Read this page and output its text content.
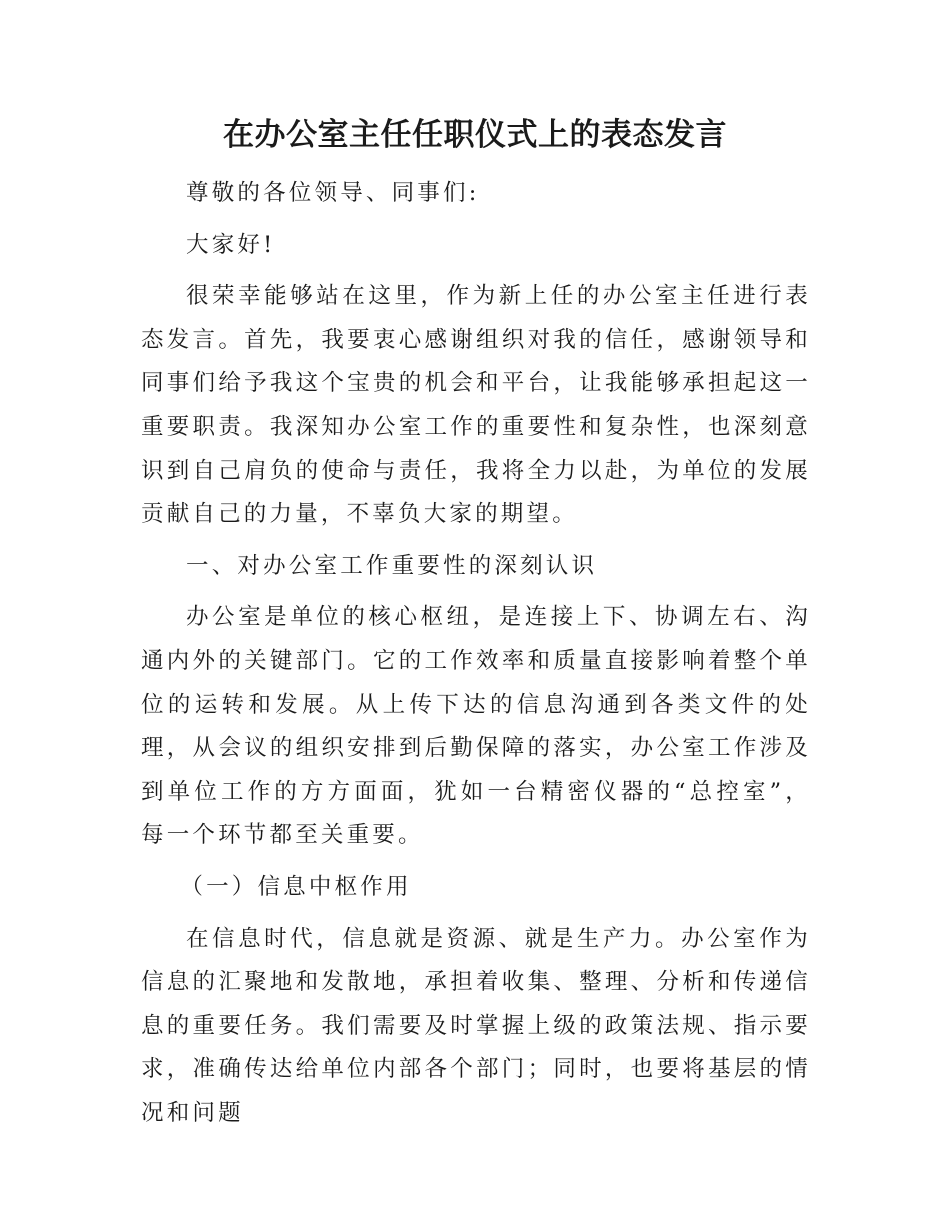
在办公室主任任职仪式上的表态发言

尊敬的各位领导、同事们:

大家好!

很荣幸能够站在这里，作为新上任的办公室主任进行表态发言。首先，我要衷心感谢组织对我的信任，感谢领导和同事们给予我这个宝贵的机会和平台，让我能够承担起这一重要职责。我深知办公室工作的重要性和复杂性，也深刻意识到自己肩负的使命与责任，我将全力以赴，为单位的发展贡献自己的力量，不辜负大家的期望。

一、对办公室工作重要性的深刻认识

办公室是单位的核心枢纽，是连接上下、协调左右、沟通内外的关键部门。它的工作效率和质量直接影响着整个单位的运转和发展。从上传下达的信息沟通到各类文件的处理，从会议的组织安排到后勤保障的落实，办公室工作涉及到单位工作的方方面面，犹如一台精密仪器的“总控室”，每一个环节都至关重要。

（一）信息中枢作用

在信息时代，信息就是资源、就是生产力。办公室作为信息的汇聚地和发散地，承担着收集、整理、分析和传递信息的重要任务。我们需要及时掌握上级的政策法规、指示要求，准确传达给单位内部各个部门；同时，也要将基层的情况和问题
